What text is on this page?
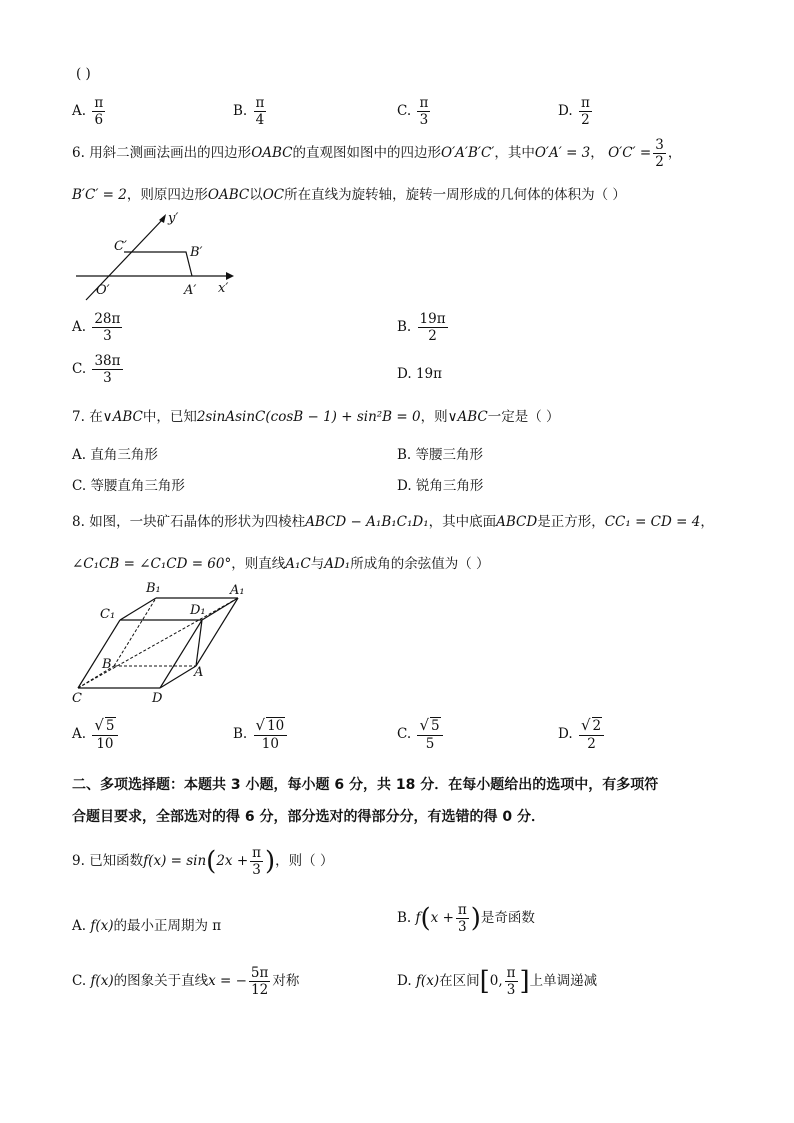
( )
A. $\frac{\pi}{6}$	B. $\frac{\pi}{4}$	C. $\frac{\pi}{3}$	D. $\frac{\pi}{2}$
6. 用斜二测画法画出的四边形OABC的直观图如图中的四边形O′A′B′C′，其中O′A′ = 3， $O'C' = \frac{3}{2}$ ，
B′C′ = 2，则原四边形OABC以OC所在直线为旋转轴，旋转一周形成的几何体的体积为（ ）
y′
x′
O′	A′
B′
C′
A. $\frac{28\pi}{3}$	B. $\frac{19\pi}{2}$
C. $\frac{38\pi}{3}$	D. 19π
7. 在∨ABC中，已知2sinAsinC(cosB − 1) + sin²B = 0，则∨ABC一定是（ ）
A. 直角三角形	B. 等腰三角形
C. 等腰直角三角形	D. 锐角三角形
8. 如图，一块矿石晶体的形状为四棱柱ABCD − A₁B₁C₁D₁，其中底面ABCD是正方形，CC₁ = CD = 4，
∠C₁CB = ∠C₁CD = 60°，则直线A₁C与AD₁所成角的余弦值为（ ）
B₁	A₁
C₁	D₁
B
A
C	D
A. $\frac{√ 5}{10}$	B. $\frac{√ 10}{10}$	C. $\frac{√ 5}{5}$	D. $\frac{√ 2}{2}$
二、多项选择题：本题共 3 小题，每小题 6 分，共 18 分．在每小题给出的选项中，有多项符
合题目要求，全部选对的得 6 分，部分选对的得部分分，有选错的得 0 分．
9. 已知函数$f(x) = \sin(2x + \frac{\pi}{3}$ )，则（ ）
A. f(x)的最小正周期为 π	B. $f(x + \frac{\pi}{3}$ )是奇函数
C. f(x)的图象关于直线x = − $\frac{5\pi}{12}$ 对称	D. f(x)在区间[0, $\frac{\pi}{3}$ ]上单调递减
